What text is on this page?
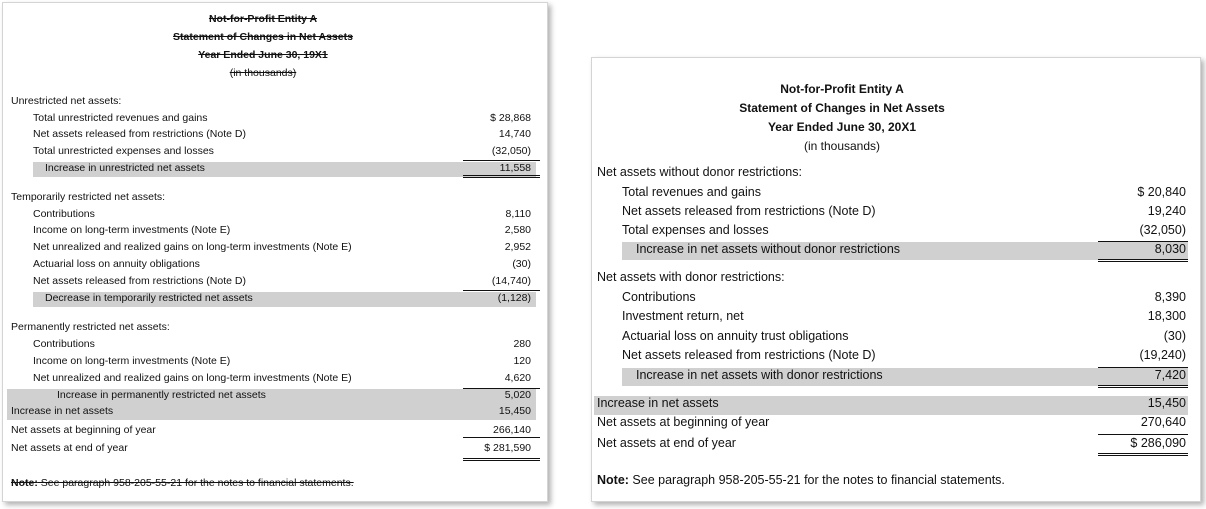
Not-for-Profit Entity A
Statement of Changes in Net Assets
Year Ended June 30, 19X1
(in thousands)
Unrestricted net assets:
Total unrestricted revenues and gains	$ 28,868
Net assets released from restrictions (Note D)	14,740
Total unrestricted expenses and losses	(32,050)
Increase in unrestricted net assets	11,558
Temporarily restricted net assets:
Contributions	8,110
Income on long-term investments (Note E)	2,580
Net unrealized and realized gains on long-term investments (Note E)	2,952
Actuarial loss on annuity obligations	(30)
Net assets released from restrictions (Note D)	(14,740)
Decrease in temporarily restricted net assets	(1,128)
Permanently restricted net assets:
Contributions	280
Income on long-term investments (Note E)	120
Net unrealized and realized gains on long-term investments (Note E)	4,620
Increase in permanently restricted net assets	5,020
Increase in net assets	15,450
Net assets at beginning of year	266,140
Net assets at end of year	$ 281,590
Note: See paragraph 958-205-55-21 for the notes to financial statements.
Not-for-Profit Entity A
Statement of Changes in Net Assets
Year Ended June 30, 20X1
(in thousands)
Net assets without donor restrictions:
Total revenues and gains	$ 20,840
Net assets released from restrictions (Note D)	19,240
Total expenses and losses	(32,050)
Increase in net assets without donor restrictions	8,030
Net assets with donor restrictions:
Contributions	8,390
Investment return, net	18,300
Actuarial loss on annuity trust obligations	(30)
Net assets released from restrictions (Note D)	(19,240)
Increase in net assets with donor restrictions	7,420
Increase in net assets	15,450
Net assets at beginning of year	270,640
Net assets at end of year	$ 286,090
Note: See paragraph 958-205-55-21 for the notes to financial statements.
